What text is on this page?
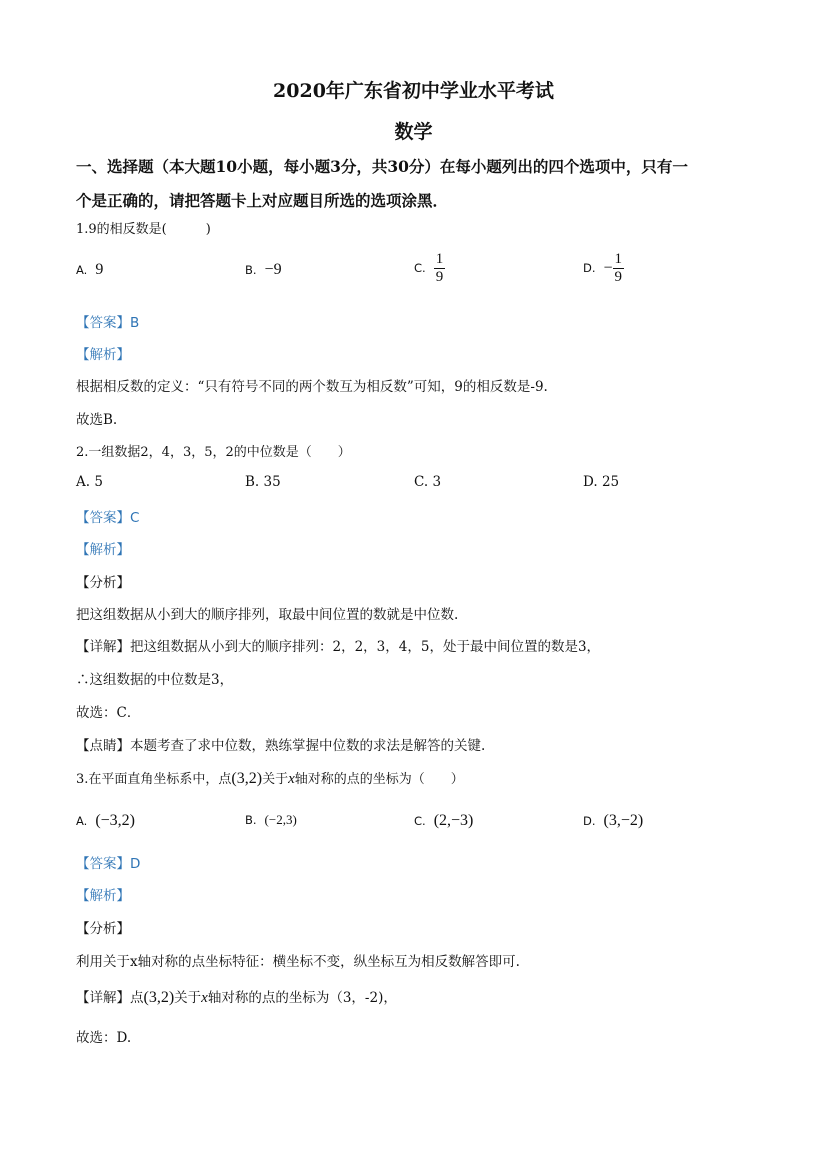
2020年广东省初中学业水平考试
数学
一、选择题（本大题10小题，每小题3分，共30分）在每小题列出的四个选项中，只有一
个是正确的，请把答题卡上对应题目所选的选项涂黑．
1.9的相反数是(　　　)
A. 9	B. −9	C. $\frac{1}{9}$	D. − $\frac{1}{9}$
【答案】B
【解析】
根据相反数的定义：“只有符号不同的两个数互为相反数”可知，9的相反数是-9.
故选B.
2.一组数据2，4，3，5，2的中位数是（　　）
A. 5	B. 35	C. 3	D. 25
【答案】C
【解析】
【分析】
把这组数据从小到大的顺序排列，取最中间位置的数就是中位数.
【详解】把这组数据从小到大的顺序排列：2，2，3，4，5，处于最中间位置的数是3，
∴这组数据的中位数是3，
故选：C．
【点睛】本题考查了求中位数，熟练掌握中位数的求法是解答的关键.
3.在平面直角坐标系中，点(3,2)关于x轴对称的点的坐标为（　　）
A. (−3,2)	B. (−2,3)	C. (2,−3)	D. (3,−2)
【答案】D
【解析】
【分析】
利用关于x轴对称的点坐标特征：横坐标不变，纵坐标互为相反数解答即可.
【详解】点(3,2)关于x轴对称的点的坐标为（3，-2)，
故选：D.
